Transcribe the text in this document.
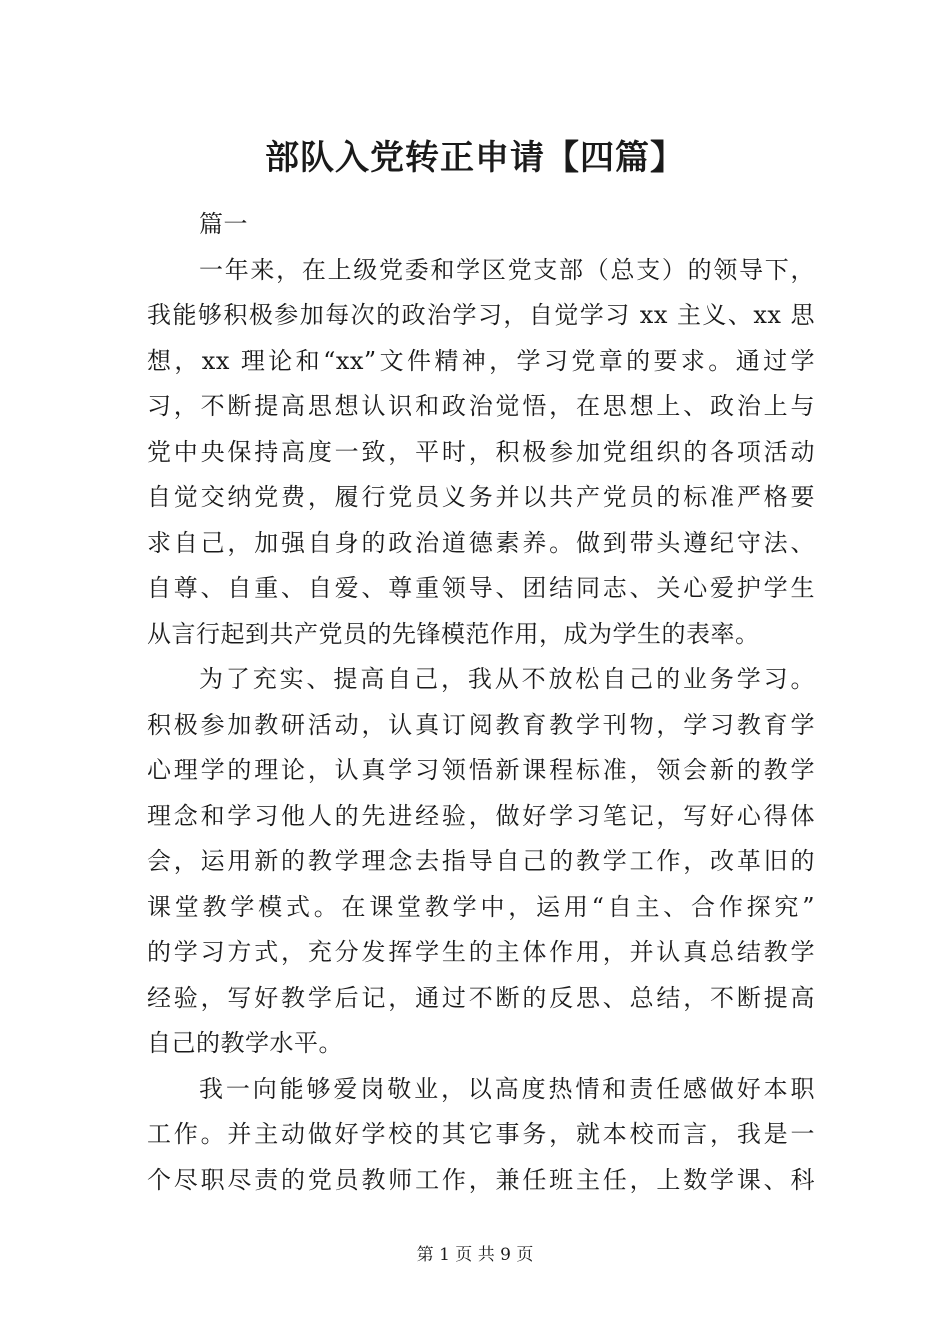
部队入党转正申请【四篇】
篇一
一年来，在上级党委和学区党支部（总支）的领导下，
我能够积极参加每次的政治学习，自觉学习 xx 主义、xx 思
想，xx 理论和“xx”文件精神，学习党章的要求。通过学
习，不断提高思想认识和政治觉悟，在思想上、政治上与
党中央保持高度一致，平时，积极参加党组织的各项活动
自觉交纳党费，履行党员义务并以共产党员的标准严格要
求自己，加强自身的政治道德素养。做到带头遵纪守法、
自尊、自重、自爱、尊重领导、团结同志、关心爱护学生
从言行起到共产党员的先锋模范作用，成为学生的表率。
为了充实、提高自己，我从不放松自己的业务学习。
积极参加教研活动，认真订阅教育教学刊物，学习教育学
心理学的理论，认真学习领悟新课程标准，领会新的教学
理念和学习他人的先进经验，做好学习笔记，写好心得体
会，运用新的教学理念去指导自己的教学工作，改革旧的
课堂教学模式。在课堂教学中，运用“自主、合作探究”
的学习方式，充分发挥学生的主体作用，并认真总结教学
经验，写好教学后记，通过不断的反思、总结，不断提高
自己的教学水平。
我一向能够爱岗敬业，以高度热情和责任感做好本职
工作。并主动做好学校的其它事务，就本校而言，我是一
个尽职尽责的党员教师工作，兼任班主任，上数学课、科
第 1 页 共 9 页
